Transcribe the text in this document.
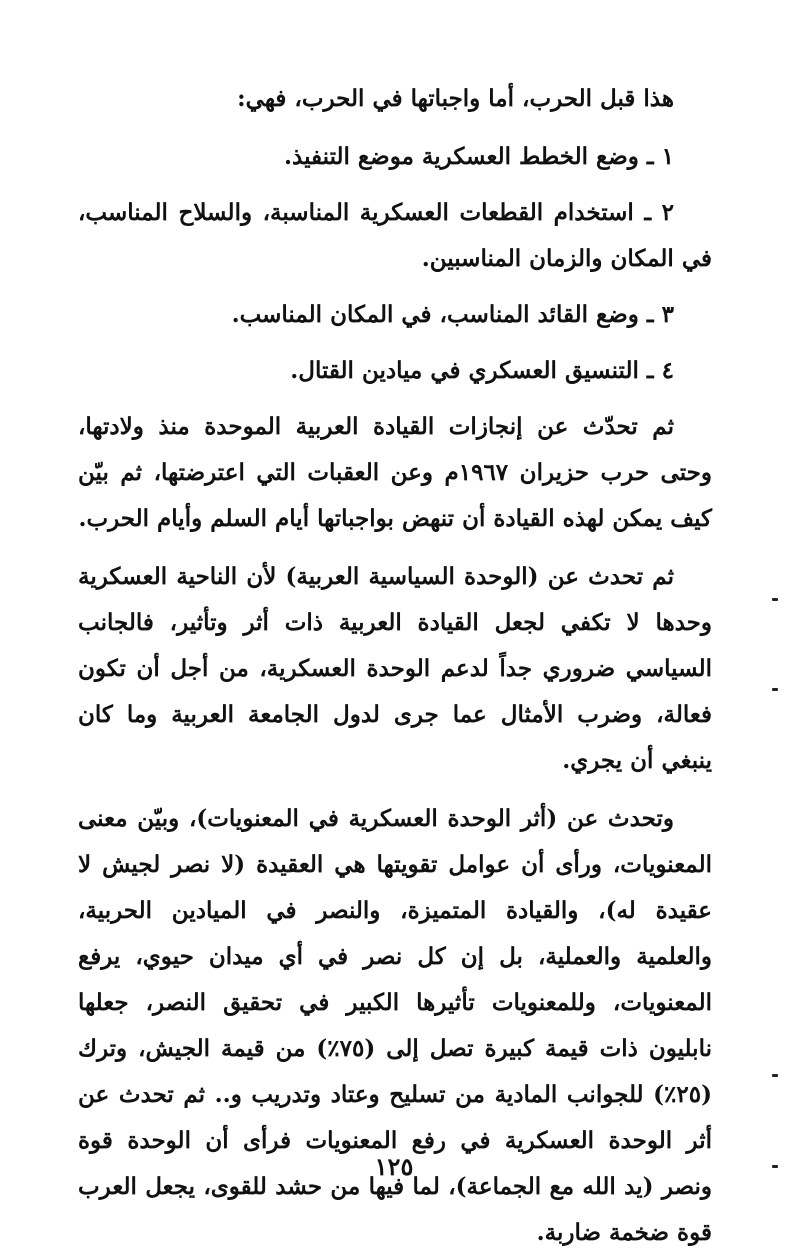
هذا قبل الحرب، أما واجباتها في الحرب، فهي:

١ ـ وضع الخطط العسكرية موضع التنفيذ.

٢ ـ استخدام القطعات العسكرية المناسبة، والسلاح المناسب، في المكان والزمان المناسبين.

٣ ـ وضع القائد المناسب، في المكان المناسب.

٤ ـ التنسيق العسكري في ميادين القتال.

ثم تحدّث عن إنجازات القيادة العربية الموحدة منذ ولادتها، وحتى حرب حزيران ١٩٦٧م وعن العقبات التي اعترضتها، ثم بيّن كيف يمكن لهذه القيادة أن تنهض بواجباتها أيام السلم وأيام الحرب.

ثم تحدث عن (الوحدة السياسية العربية) لأن الناحية العسكرية وحدها لا تكفي لجعل القيادة العربية ذات أثر وتأثير، فالجانب السياسي ضروري جداً لدعم الوحدة العسكرية، من أجل أن تكون فعالة، وضرب الأمثال عما جرى لدول الجامعة العربية وما كان ينبغي أن يجري.

وتحدث عن (أثر الوحدة العسكرية في المعنويات)، وبيّن معنى المعنويات، ورأى أن عوامل تقويتها هي العقيدة (لا نصر لجيش لا عقيدة له)، والقيادة المتميزة، والنصر في الميادين الحربية، والعلمية والعملية، بل إن كل نصر في أي ميدان حيوي، يرفع المعنويات، وللمعنويات تأثيرها الكبير في تحقيق النصر، جعلها نابليون ذات قيمة كبيرة تصل إلى (٧٥٪) من قيمة الجيش، وترك (٢٥٪) للجوانب المادية من تسليح وعتاد وتدريب و.. ثم تحدث عن أثر الوحدة العسكرية في رفع المعنويات فرأى أن الوحدة قوة ونصر (يد الله مع الجماعة)، لما فيها من حشد للقوى، يجعل العرب قوة ضخمة ضاربة.

١٢٥
